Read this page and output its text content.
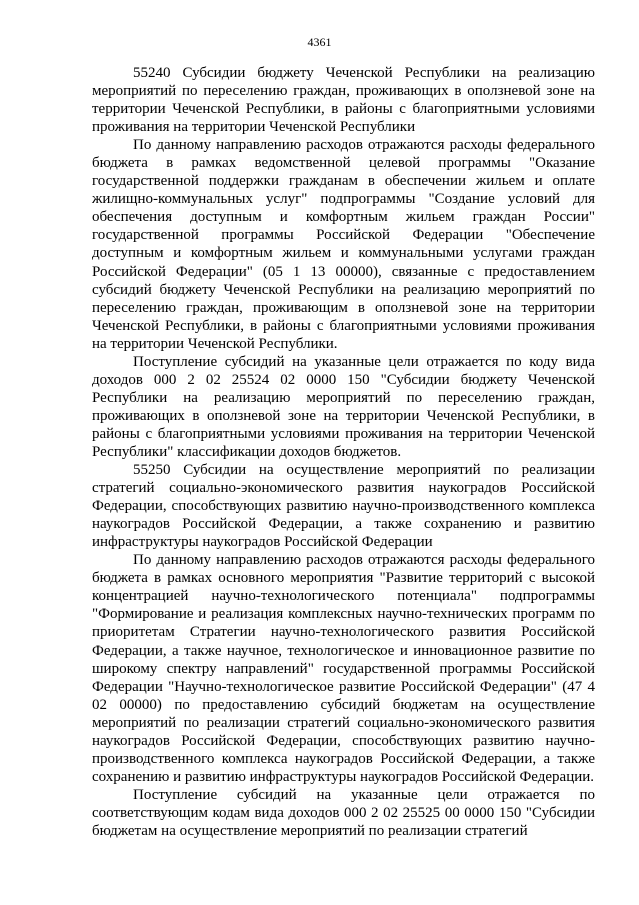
4361

55240 Субсидии бюджету Чеченской Республики на реализацию мероприятий по переселению граждан, проживающих в оползневой зоне на территории Чеченской Республики, в районы с благоприятными условиями проживания на территории Чеченской Республики

По данному направлению расходов отражаются расходы федерального бюджета в рамках ведомственной целевой программы "Оказание государственной поддержки гражданам в обеспечении жильем и оплате жилищно-коммунальных услуг" подпрограммы "Создание условий для обеспечения доступным и комфортным жильем граждан России" государственной программы Российской Федерации "Обеспечение доступным и комфортным жильем и коммунальными услугами граждан Российской Федерации" (05 1 13 00000), связанные с предоставлением субсидий бюджету Чеченской Республики на реализацию мероприятий по переселению граждан, проживающим в оползневой зоне на территории Чеченской Республики, в районы с благоприятными условиями проживания на территории Чеченской Республики.

Поступление субсидий на указанные цели отражается по коду вида доходов 000 2 02 25524 02 0000 150 "Субсидии бюджету Чеченской Республики на реализацию мероприятий по переселению граждан, проживающих в оползневой зоне на территории Чеченской Республики, в районы с благоприятными условиями проживания на территории Чеченской Республики" классификации доходов бюджетов.

55250 Субсидии на осуществление мероприятий по реализации стратегий социально-экономического развития наукоградов Российской Федерации, способствующих развитию научно-производственного комплекса наукоградов Российской Федерации, а также сохранению и развитию инфраструктуры наукоградов Российской Федерации

По данному направлению расходов отражаются расходы федерального бюджета в рамках основного мероприятия "Развитие территорий с высокой концентрацией научно-технологического потенциала" подпрограммы "Формирование и реализация комплексных научно-технических программ по приоритетам Стратегии научно-технологического развития Российской Федерации, а также научное, технологическое и инновационное развитие по широкому спектру направлений" государственной программы Российской Федерации "Научно-технологическое развитие Российской Федерации" (47 4 02 00000) по предоставлению субсидий бюджетам на осуществление мероприятий по реализации стратегий социально-экономического развития наукоградов Российской Федерации, способствующих развитию научно-производственного комплекса наукоградов Российской Федерации, а также сохранению и развитию инфраструктуры наукоградов Российской Федерации.

Поступление субсидий на указанные цели отражается по соответствующим кодам вида доходов 000 2 02 25525 00 0000 150 "Субсидии бюджетам на осуществление мероприятий по реализации стратегий
